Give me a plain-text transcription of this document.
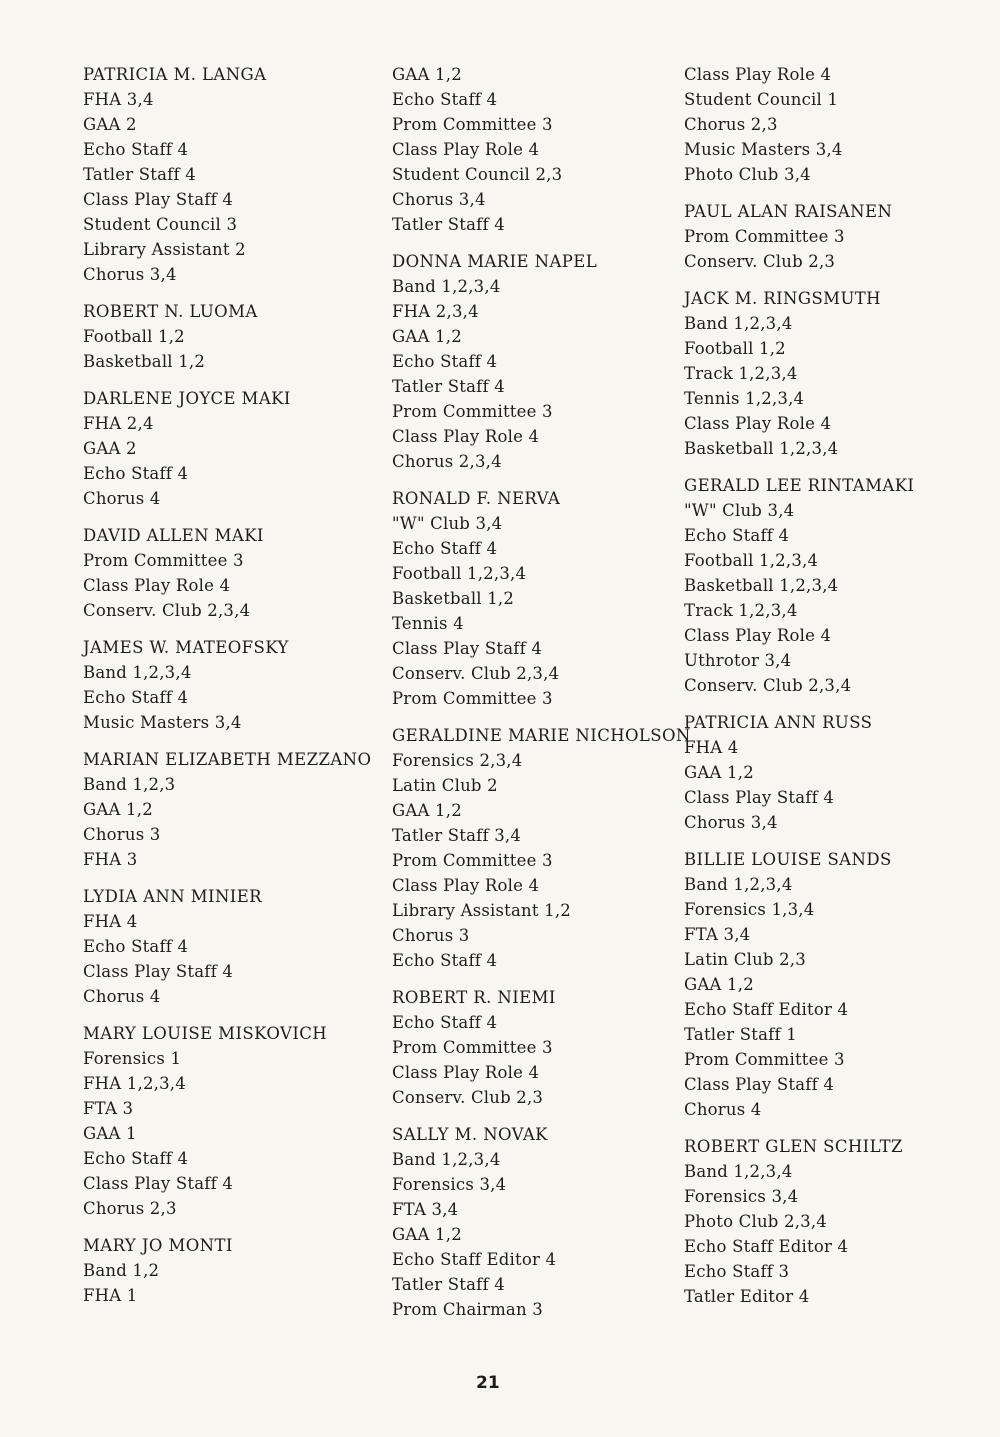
PATRICIA M. LANGA
FHA 3,4
GAA 2
Echo Staff 4
Tatler Staff 4
Class Play Staff 4
Student Council 3
Library Assistant 2
Chorus 3,4
ROBERT N. LUOMA
Football 1,2
Basketball 1,2
DARLENE JOYCE MAKI
FHA 2,4
GAA 2
Echo Staff 4
Chorus 4
DAVID ALLEN MAKI
Prom Committee 3
Class Play Role 4
Conserv. Club 2,3,4
JAMES W. MATEOFSKY
Band 1,2,3,4
Echo Staff 4
Music Masters 3,4
MARIAN ELIZABETH MEZZANO
Band 1,2,3
GAA 1,2
Chorus 3
FHA 3
LYDIA ANN MINIER
FHA 4
Echo Staff 4
Class Play Staff 4
Chorus 4
MARY LOUISE MISKOVICH
Forensics 1
FHA 1,2,3,4
FTA 3
GAA 1
Echo Staff 4
Class Play Staff 4
Chorus 2,3
MARY JO MONTI
Band 1,2
FHA 1
GAA 1,2
Echo Staff 4
Prom Committee 3
Class Play Role 4
Student Council 2,3
Chorus 3,4
Tatler Staff 4
DONNA MARIE NAPEL
Band 1,2,3,4
FHA 2,3,4
GAA 1,2
Echo Staff 4
Tatler Staff 4
Prom Committee 3
Class Play Role 4
Chorus 2,3,4
RONALD F. NERVA
"W" Club 3,4
Echo Staff 4
Football 1,2,3,4
Basketball 1,2
Tennis 4
Class Play Staff 4
Conserv. Club 2,3,4
Prom Committee 3
GERALDINE MARIE NICHOLSON
Forensics 2,3,4
Latin Club 2
GAA 1,2
Tatler Staff 3,4
Prom Committee 3
Class Play Role 4
Library Assistant 1,2
Chorus 3
Echo Staff 4
ROBERT R. NIEMI
Echo Staff 4
Prom Committee 3
Class Play Role 4
Conserv. Club 2,3
SALLY M. NOVAK
Band 1,2,3,4
Forensics 3,4
FTA 3,4
GAA 1,2
Echo Staff Editor 4
Tatler Staff 4
Prom Chairman 3
Class Play Role 4
Student Council 1
Chorus 2,3
Music Masters 3,4
Photo Club 3,4
PAUL ALAN RAISANEN
Prom Committee 3
Conserv. Club 2,3
JACK M. RINGSMUTH
Band 1,2,3,4
Football 1,2
Track 1,2,3,4
Tennis 1,2,3,4
Class Play Role 4
Basketball 1,2,3,4
GERALD LEE RINTAMAKI
"W" Club 3,4
Echo Staff 4
Football 1,2,3,4
Basketball 1,2,3,4
Track 1,2,3,4
Class Play Role 4
Uthrotor 3,4
Conserv. Club 2,3,4
PATRICIA ANN RUSS
FHA 4
GAA 1,2
Class Play Staff 4
Chorus 3,4
BILLIE LOUISE SANDS
Band 1,2,3,4
Forensics 1,3,4
FTA 3,4
Latin Club 2,3
GAA 1,2
Echo Staff Editor 4
Tatler Staff 1
Prom Committee 3
Class Play Staff 4
Chorus 4
ROBERT GLEN SCHILTZ
Band 1,2,3,4
Forensics 3,4
Photo Club 2,3,4
Echo Staff Editor 4
Echo Staff 3
Tatler Editor 4
21
